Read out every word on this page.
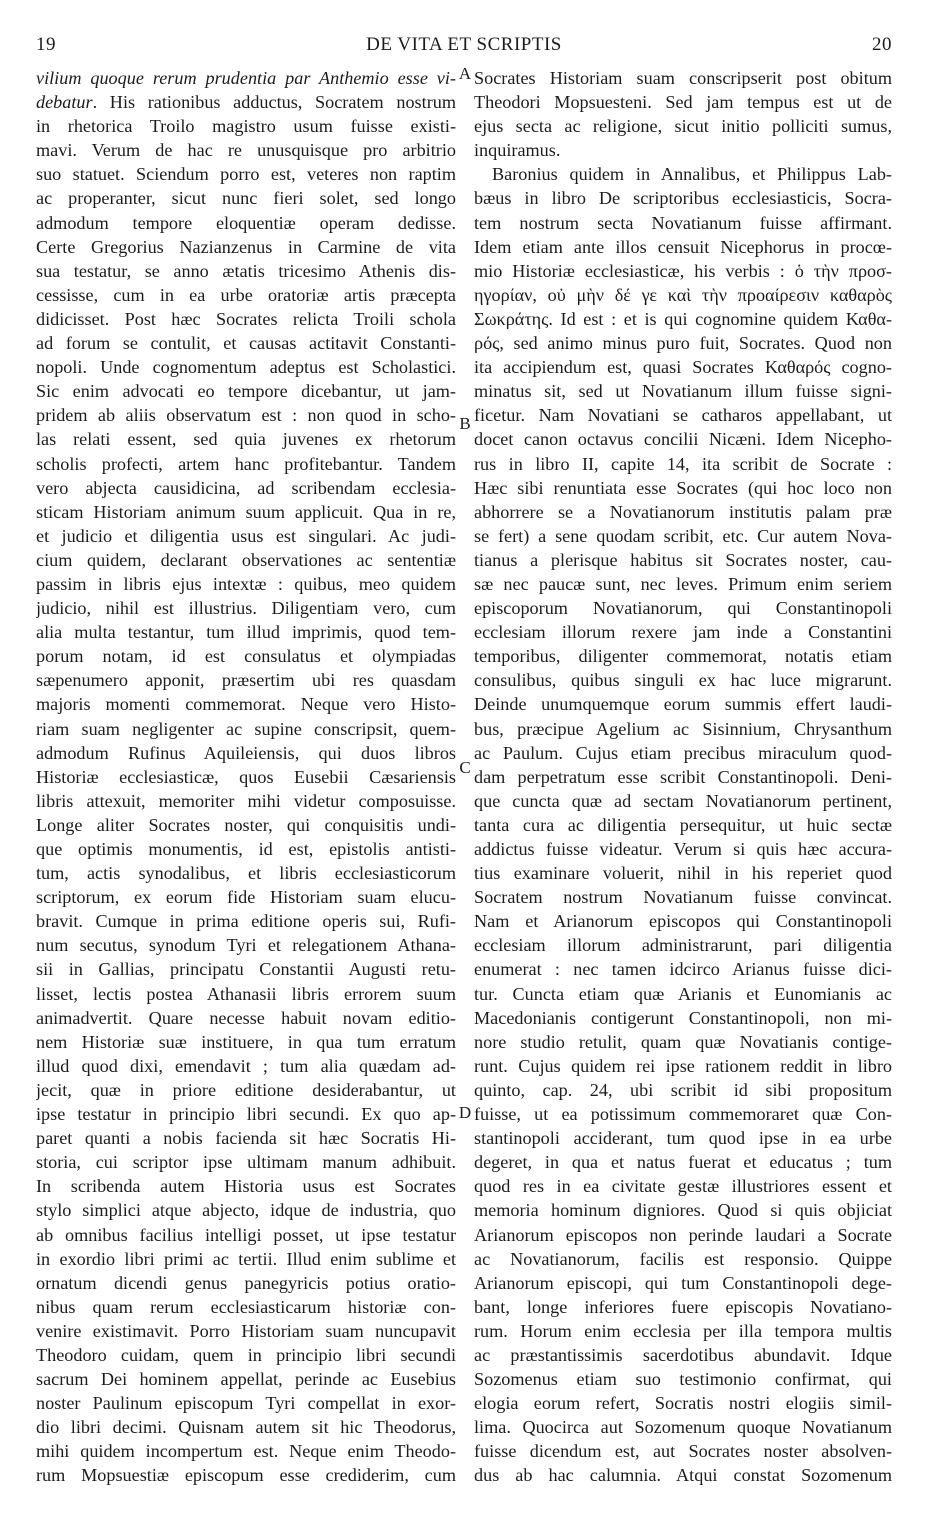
19	DE VITA ET SCRIPTIS	20
vilium quoque rerum prudentia par Anthemio esse vi-
debatur. His rationibus adductus, Socratem nostrum
in rhetorica Troilo magistro usum fuisse existi-
mavi. Verum de hac re unusquisque pro arbitrio
suo statuet. Sciendum porro est, veteres non raptim
ac properanter, sicut nunc fieri solet, sed longo
admodum tempore eloquentiæ operam dedisse.
Certe Gregorius Nazianzenus in Carmine de vita
sua testatur, se anno ætatis tricesimo Athenis dis-
cessisse, cum in ea urbe oratoriæ artis præcepta
didicisset. Post hæc Socrates relicta Troili schola
ad forum se contulit, et causas actitavit Constanti-
nopoli. Unde cognomentum adeptus est Scholastici.
Sic enim advocati eo tempore dicebantur, ut jam-
pridem ab aliis observatum est : non quod in scho-
las relati essent, sed quia juvenes ex rhetorum
scholis profecti, artem hanc profitebantur. Tandem
vero abjecta causidicina, ad scribendam ecclesia-
sticam Historiam animum suum applicuit. Qua in re,
et judicio et diligentia usus est singulari. Ac judi-
cium quidem, declarant observationes ac sententiæ
passim in libris ejus intextæ : quibus, meo quidem
judicio, nihil est illustrius. Diligentiam vero, cum
alia multa testantur, tum illud imprimis, quod tem-
porum notam, id est consulatus et olympiadas
sæpenumero apponit, præsertim ubi res quasdam
majoris momenti commemorat. Neque vero Histo-
riam suam negligenter ac supine conscripsit, quem-
admodum Rufinus Aquileiensis, qui duos libros
Historiæ ecclesiasticæ, quos Eusebii Cæsariensis
libris attexuit, memoriter mihi videtur composuisse.
Longe aliter Socrates noster, qui conquisitis undi-
que optimis monumentis, id est, epistolis antisti-
tum, actis synodalibus, et libris ecclesiasticorum
scriptorum, ex eorum fide Historiam suam elucu-
bravit. Cumque in prima editione operis sui, Rufi-
num secutus, synodum Tyri et relegationem Athana-
sii in Gallias, principatu Constantii Augusti retu-
lisset, lectis postea Athanasii libris errorem suum
animadvertit. Quare necesse habuit novam editio-
nem Historiæ suæ instituere, in qua tum erratum
illud quod dixi, emendavit ; tum alia quædam ad-
jecit, quæ in priore editione desiderabantur, ut
ipse testatur in principio libri secundi. Ex quo ap-
paret quanti a nobis facienda sit hæc Socratis Hi-
storia, cui scriptor ipse ultimam manum adhibuit.
In scribenda autem Historia usus est Socrates
stylo simplici atque abjecto, idque de industria, quo
ab omnibus facilius intelligi posset, ut ipse testatur
in exordio libri primi ac tertii. Illud enim sublime et
ornatum dicendi genus panegyricis potius oratio-
nibus quam rerum ecclesiasticarum historiæ con-
venire existimavit. Porro Historiam suam nuncupavit
Theodoro cuidam, quem in principio libri secundi
sacrum Dei hominem appellat, perinde ac Eusebius
noster Paulinum episcopum Tyri compellat in exor-
dio libri decimi. Quisnam autem sit hic Theodorus,
mihi quidem incompertum est. Neque enim Theodo-
rum Mopsuestiæ episcopum esse crediderim, cum
Socrates Historiam suam conscripserit post obitum
Theodori Mopsuesteni. Sed jam tempus est ut de
ejus secta ac religione, sicut initio polliciti sumus,
inquiramus.
Baronius quidem in Annalibus, et Philippus Lab-
bæus in libro De scriptoribus ecclesiasticis, Socra-
tem nostrum secta Novatianum fuisse affirmant.
Idem etiam ante illos censuit Nicephorus in procœ-
mio Historiæ ecclesiasticæ, his verbis : ὁ τὴν προσ-
ηγορίαν, οὐ μὴν δέ γε καὶ τὴν προαίρεσιν καθαρὸς
Σωκράτης. Id est : et is qui cognomine quidem Καθα-
ρός, sed animo minus puro fuit, Socrates. Quod non
ita accipiendum est, quasi Socrates Καθαρός cogno-
minatus sit, sed ut Novatianum illum fuisse signi-
ficetur. Nam Novatiani se catharos appellabant, ut
docet canon octavus concilii Nicæni. Idem Nicepho-
rus in libro II, capite 14, ita scribit de Socrate :
Hæc sibi renuntiata esse Socrates (qui hoc loco non
abhorrere se a Novatianorum institutis palam præ
se fert) a sene quodam scribit, etc. Cur autem Nova-
tianus a plerisque habitus sit Socrates noster, cau-
sæ nec paucæ sunt, nec leves. Primum enim seriem
episcoporum Novatianorum, qui Constantinopoli
ecclesiam illorum rexere jam inde a Constantini
temporibus, diligenter commemorat, notatis etiam
consulibus, quibus singuli ex hac luce migrarunt.
Deinde unumquemque eorum summis effert laudi-
bus, præcipue Agelium ac Sisinnium, Chrysanthum
ac Paulum. Cujus etiam precibus miraculum quod-
dam perpetratum esse scribit Constantinopoli. Deni-
que cuncta quæ ad sectam Novatianorum pertinent,
tanta cura ac diligentia persequitur, ut huic sectæ
addictus fuisse videatur. Verum si quis hæc accura-
tius examinare voluerit, nihil in his reperiet quod
Socratem nostrum Novatianum fuisse convincat.
Nam et Arianorum episcopos qui Constantinopoli
ecclesiam illorum administrarunt, pari diligentia
enumerat : nec tamen idcirco Arianus fuisse dici-
tur. Cuncta etiam quæ Arianis et Eunomianis ac
Macedonianis contigerunt Constantinopoli, non mi-
nore studio retulit, quam quæ Novatianis contige-
runt. Cujus quidem rei ipse rationem reddit in libro
quinto, cap. 24, ubi scribit id sibi propositum
fuisse, ut ea potissimum commemoraret quæ Con-
stantinopoli acciderant, tum quod ipse in ea urbe
degeret, in qua et natus fuerat et educatus ; tum
quod res in ea civitate gestæ illustriores essent et
memoria hominum digniores. Quod si quis objiciat
Arianorum episcopos non perinde laudari a Socrate
ac Novatianorum, facilis est responsio. Quippe
Arianorum episcopi, qui tum Constantinopoli dege-
bant, longe inferiores fuere episcopis Novatiano-
rum. Horum enim ecclesia per illa tempora multis
ac præstantissimis sacerdotibus abundavit. Idque
Sozomenus etiam suo testimonio confirmat, qui
elogia eorum refert, Socratis nostri elogiis simil-
lima. Quocirca aut Sozomenum quoque Novatianum
fuisse dicendum est, aut Socrates noster absolven-
dus ab hac calumnia. Atqui constat Sozomenum
A
B
C
D
